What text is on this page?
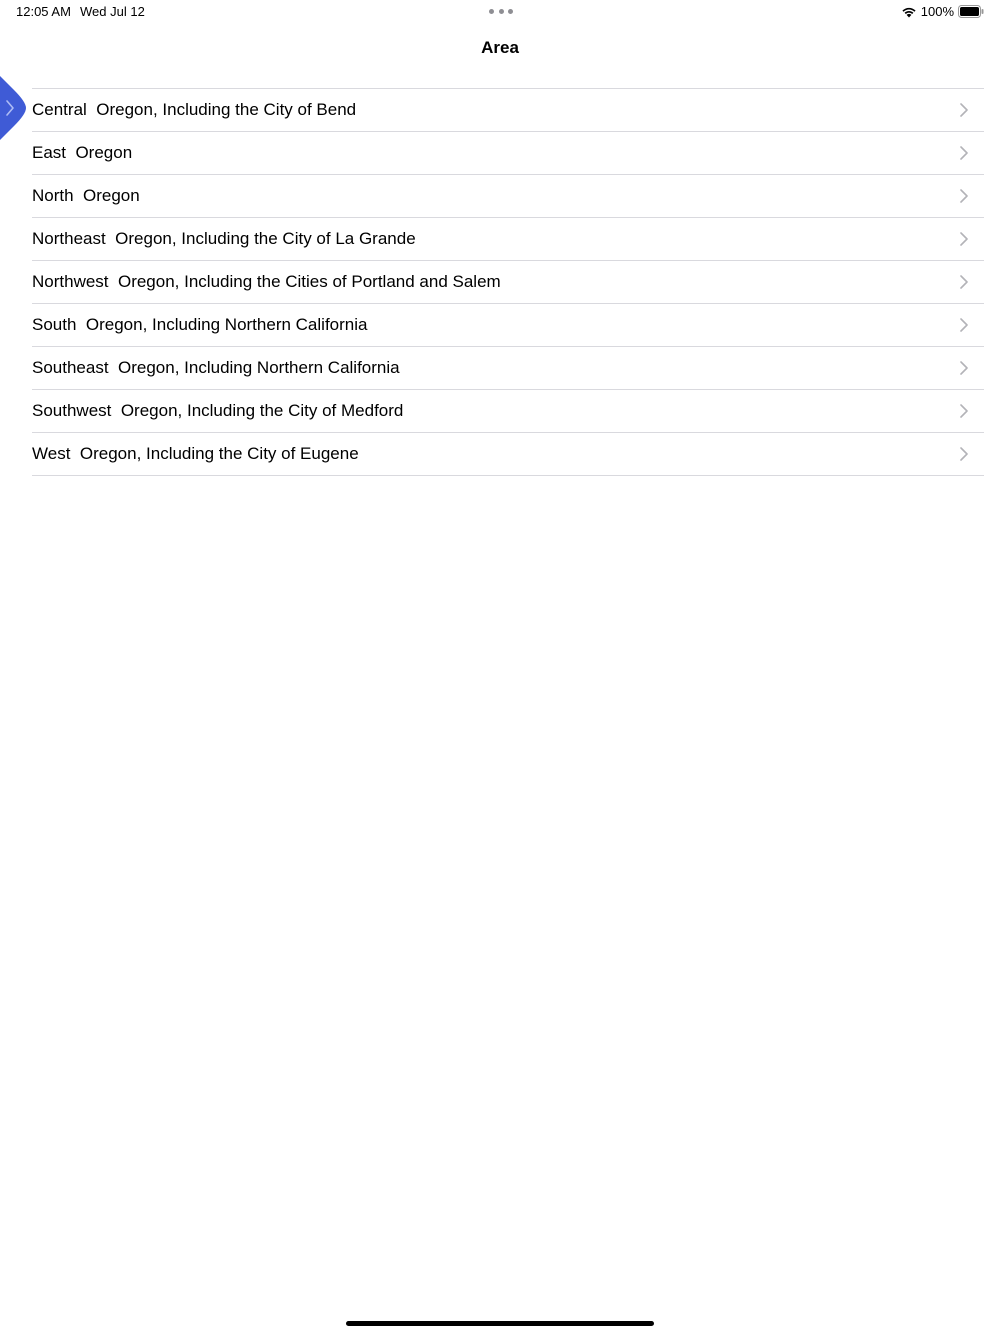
12:05 AM Wed Jul 12	100%
Area
Central  Oregon, Including the City of Bend
East  Oregon
North  Oregon
Northeast  Oregon, Including the City of La Grande
Northwest  Oregon, Including the Cities of Portland and Salem
South  Oregon, Including Northern California
Southeast  Oregon, Including Northern California
Southwest  Oregon, Including the City of Medford
West  Oregon, Including the City of Eugene
